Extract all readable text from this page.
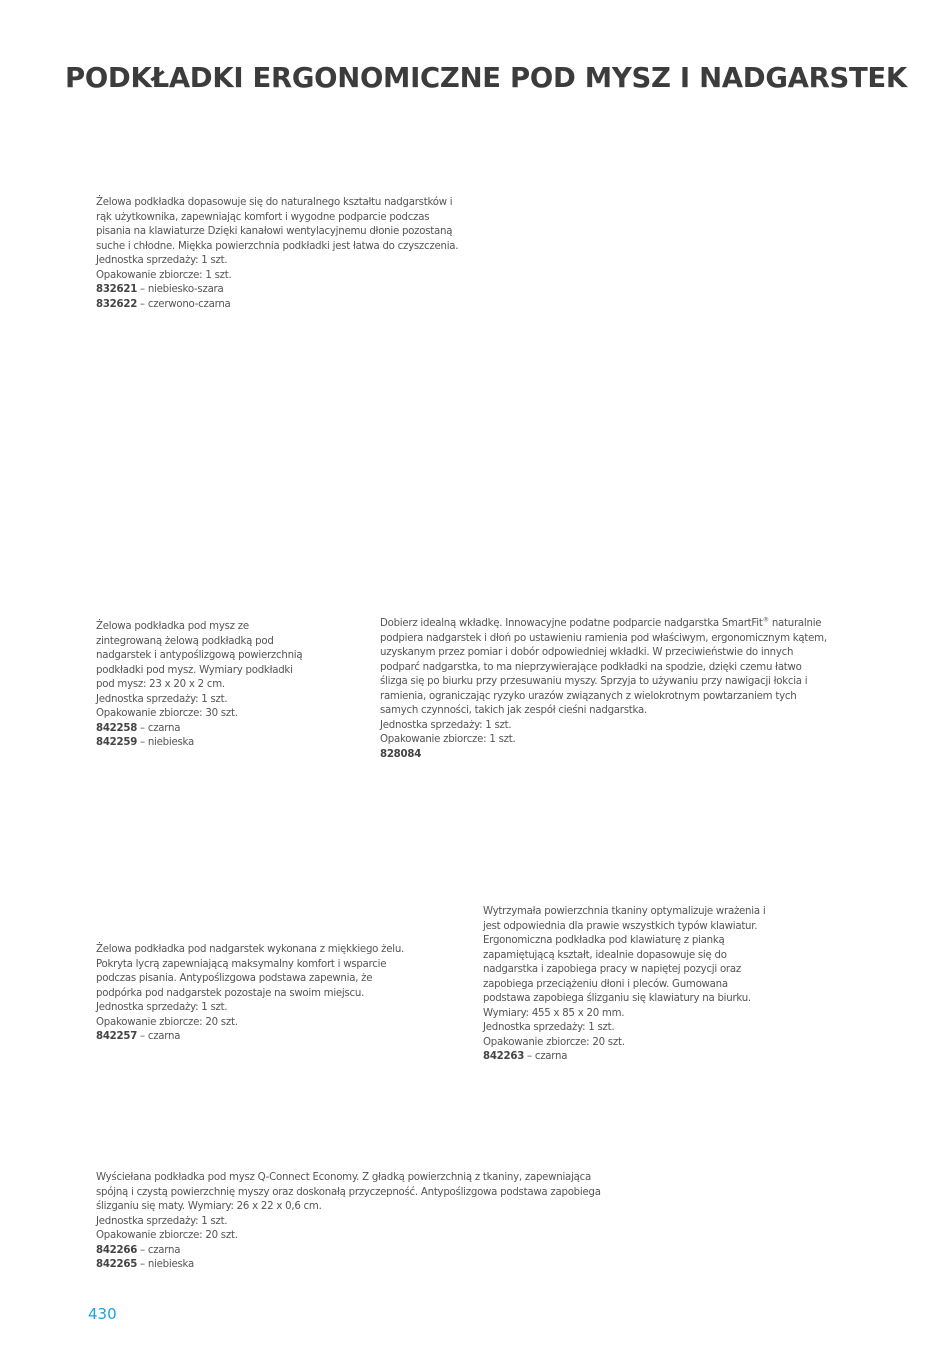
PODKŁADKI ERGONOMICZNE POD MYSZ I NADGARSTEK

Żelowa podkładka dopasowuje się do naturalnego kształtu nadgarstków i rąk użytkownika, zapewniając komfort i wygodne podparcie podczas pisania na klawiaturze Dzięki kanałowi wentylacyjnemu dłonie pozostaną suche i chłodne. Miękka powierzchnia podkładki jest łatwa do czyszczenia.

Jednostka sprzedaży: 1 szt.

Opakowanie zbiorcze: 1 szt.

832621 – niebiesko-szara

832622 – czerwono-czarna

Żelowa podkładka pod mysz ze zintegrowaną żelową podkładką pod nadgarstek i antypoślizgową powierzchnią podkładki pod mysz. Wymiary podkładki pod mysz: 23 x 20 x 2 cm.

Jednostka sprzedaży: 1 szt.

Opakowanie zbiorcze: 30 szt.

842258 – czarna

842259 – niebieska

Dobierz idealną wkładkę. Innowacyjne podatne podparcie nadgarstka SmartFit® naturalnie podpiera nadgarstek i dłoń po ustawieniu ramienia pod właściwym, ergonomicznym kątem, uzyskanym przez pomiar i dobór odpowiedniej wkładki. W przeciwieństwie do innych podparć nadgarstka, to ma nieprzywierające podkładki na spodzie, dzięki czemu łatwo ślizga się po biurku przy przesuwaniu myszy. Sprzyja to używaniu przy nawigacji łokcia i ramienia, ograniczając ryzyko urazów związanych z wielokrotnym powtarzaniem tych samych czynności, takich jak zespół cieśni nadgarstka.

Jednostka sprzedaży: 1 szt.

Opakowanie zbiorcze: 1 szt.

828084

Żelowa podkładka pod nadgarstek wykonana z miękkiego żelu. Pokryta lycrą zapewniającą maksymalny komfort i wsparcie podczas pisania. Antypoślizgowa podstawa zapewnia, że podpórka pod nadgarstek pozostaje na swoim miejscu.

Jednostka sprzedaży: 1 szt.

Opakowanie zbiorcze: 20 szt.

842257 – czarna

Wytrzymała powierzchnia tkaniny optymalizuje wrażenia i jest odpowiednia dla prawie wszystkich typów klawiatur. Ergonomiczna podkładka pod klawiaturę z pianką zapamiętującą kształt, idealnie dopasowuje się do nadgarstka i zapobiega pracy w napiętej pozycji oraz zapobiega przeciążeniu dłoni i pleców. Gumowana podstawa zapobiega ślizganiu się klawiatury na biurku. Wymiary: 455 x 85 x 20 mm.

Jednostka sprzedaży: 1 szt.

Opakowanie zbiorcze: 20 szt.

842263 – czarna

Wyściełana podkładka pod mysz Q-Connect Economy. Z gładką powierzchnią z tkaniny, zapewniająca spójną i czystą powierzchnię myszy oraz doskonałą przyczepność. Antypoślizgowa podstawa zapobiega ślizganiu się maty. Wymiary: 26 x 22 x 0,6 cm.

Jednostka sprzedaży: 1 szt.

Opakowanie zbiorcze: 20 szt.

842266 – czarna

842265 – niebieska

430
